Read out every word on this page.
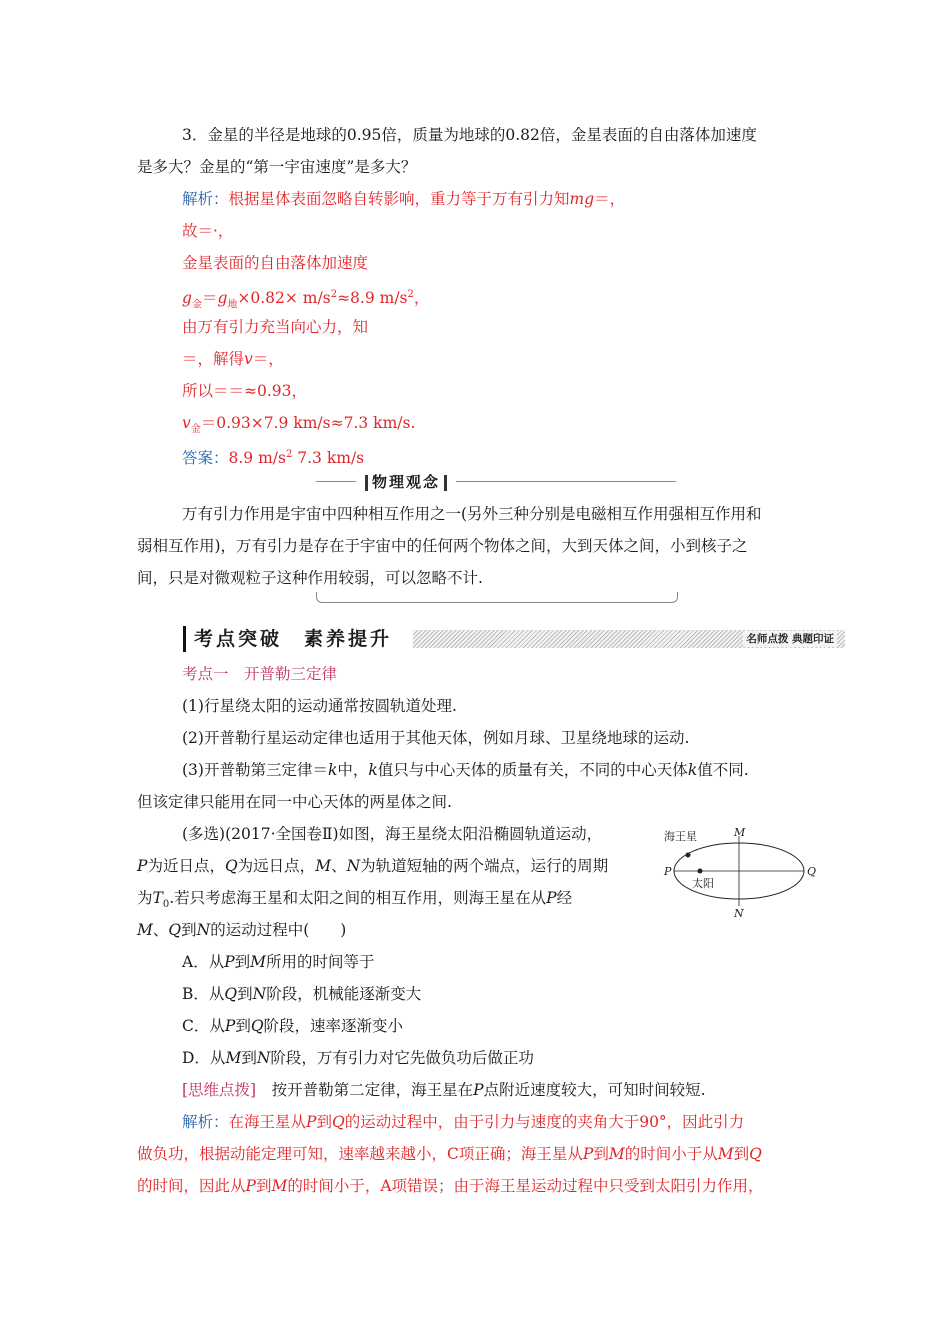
3．金星的半径是地球的0.95倍，质量为地球的0.82倍，金星表面的自由落体加速度
是多大？金星的“第一宇宙速度”是多大？
解析：根据星体表面忽略自转影响，重力等于万有引力知mg＝，
故＝·，
金星表面的自由落体加速度
$g_金=g_地\times 0.82\times m/s^2\approx 8.9$ $m/s^2$，
由万有引力充当向心力，知
＝，解得v＝，
所以＝＝≈0.93，
$v_金=0.93\times 7.9$ km/s≈7.3 km/s.
答案：8.9 $m/s^2$ 7.3 km/s
物理观念
万有引力作用是宇宙中四种相互作用之一(另外三种分别是电磁相互作用强相互作用和
弱相互作用)，万有引力是存在于宇宙中的任何两个物体之间，大到天体之间，小到核子之
间，只是对微观粒子这种作用较弱，可以忽略不计.
考点突破　素养提升	名师点拨 典题印证
考点一　开普勒三定律
(1)行星绕太阳的运动通常按圆轨道处理.
(2)开普勒行星运动定律也适用于其他天体，例如月球、卫星绕地球的运动.
(3)开普勒第三定律＝k中，k值只与中心天体的质量有关，不同的中心天体k值不同.
但该定律只能用在同一中心天体的两星体之间.
(多选)(2017·全国卷Ⅱ)如图，海王星绕太阳沿椭圆轨道运动，
P为近日点，Q为远日点，M、N为轨道短轴的两个端点，运行的周期
为$T_0$.若只考虑海王星和太阳之间的相互作用，则海王星在从P经
M、Q到N的运动过程中(　　)
A．从P到M所用的时间等于
B．从Q到N阶段，机械能逐渐变大
C．从P到Q阶段，速率逐渐变小
D．从M到N阶段，万有引力对它先做负功后做正功
[思维点拨]　 按开普勒第二定律，海王星在P点附近速度较大，可知时间较短.
解析：在海王星从P到Q的运动过程中，由于引力与速度的夹角大于90°，因此引力
做负功，根据动能定理可知，速率越来越小，C项正确；海王星从P到M的时间小于从M到Q
的时间，因此从P到M的时间小于，A项错误；由于海王星运动过程中只受到太阳引力作用，
海王星
太阳
P	Q
M
N
